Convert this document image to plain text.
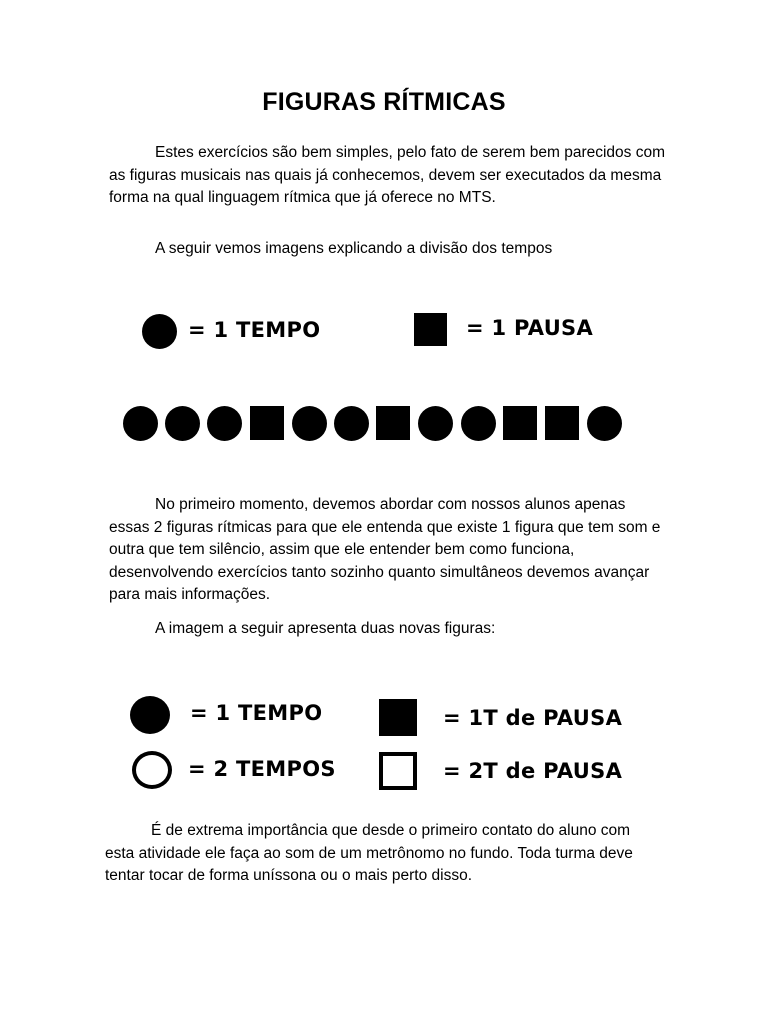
FIGURAS RÍTMICAS

Estes exercícios são bem simples, pelo fato de serem bem parecidos com as figuras musicais nas quais já conhecemos, devem ser executados da mesma forma na qual linguagem rítmica que já oferece no MTS.

A seguir vemos imagens explicando a divisão dos tempos

= 1 TEMPO	= 1 PAUSA

No primeiro momento, devemos abordar com nossos alunos apenas essas 2 figuras rítmicas para que ele entenda que existe 1 figura que tem som e outra que tem silêncio, assim que ele entender bem como funciona, desenvolvendo exercícios tanto sozinho quanto simultâneos devemos avançar para mais informações.

A imagem a seguir apresenta duas novas figuras:

= 1 TEMPO
= 2 TEMPOS
= 1T de PAUSA
= 2T de PAUSA

É de extrema importância que desde o primeiro contato do aluno com esta atividade ele faça ao som de um metrônomo no fundo. Toda turma deve tentar tocar de forma uníssona ou o mais perto disso.
